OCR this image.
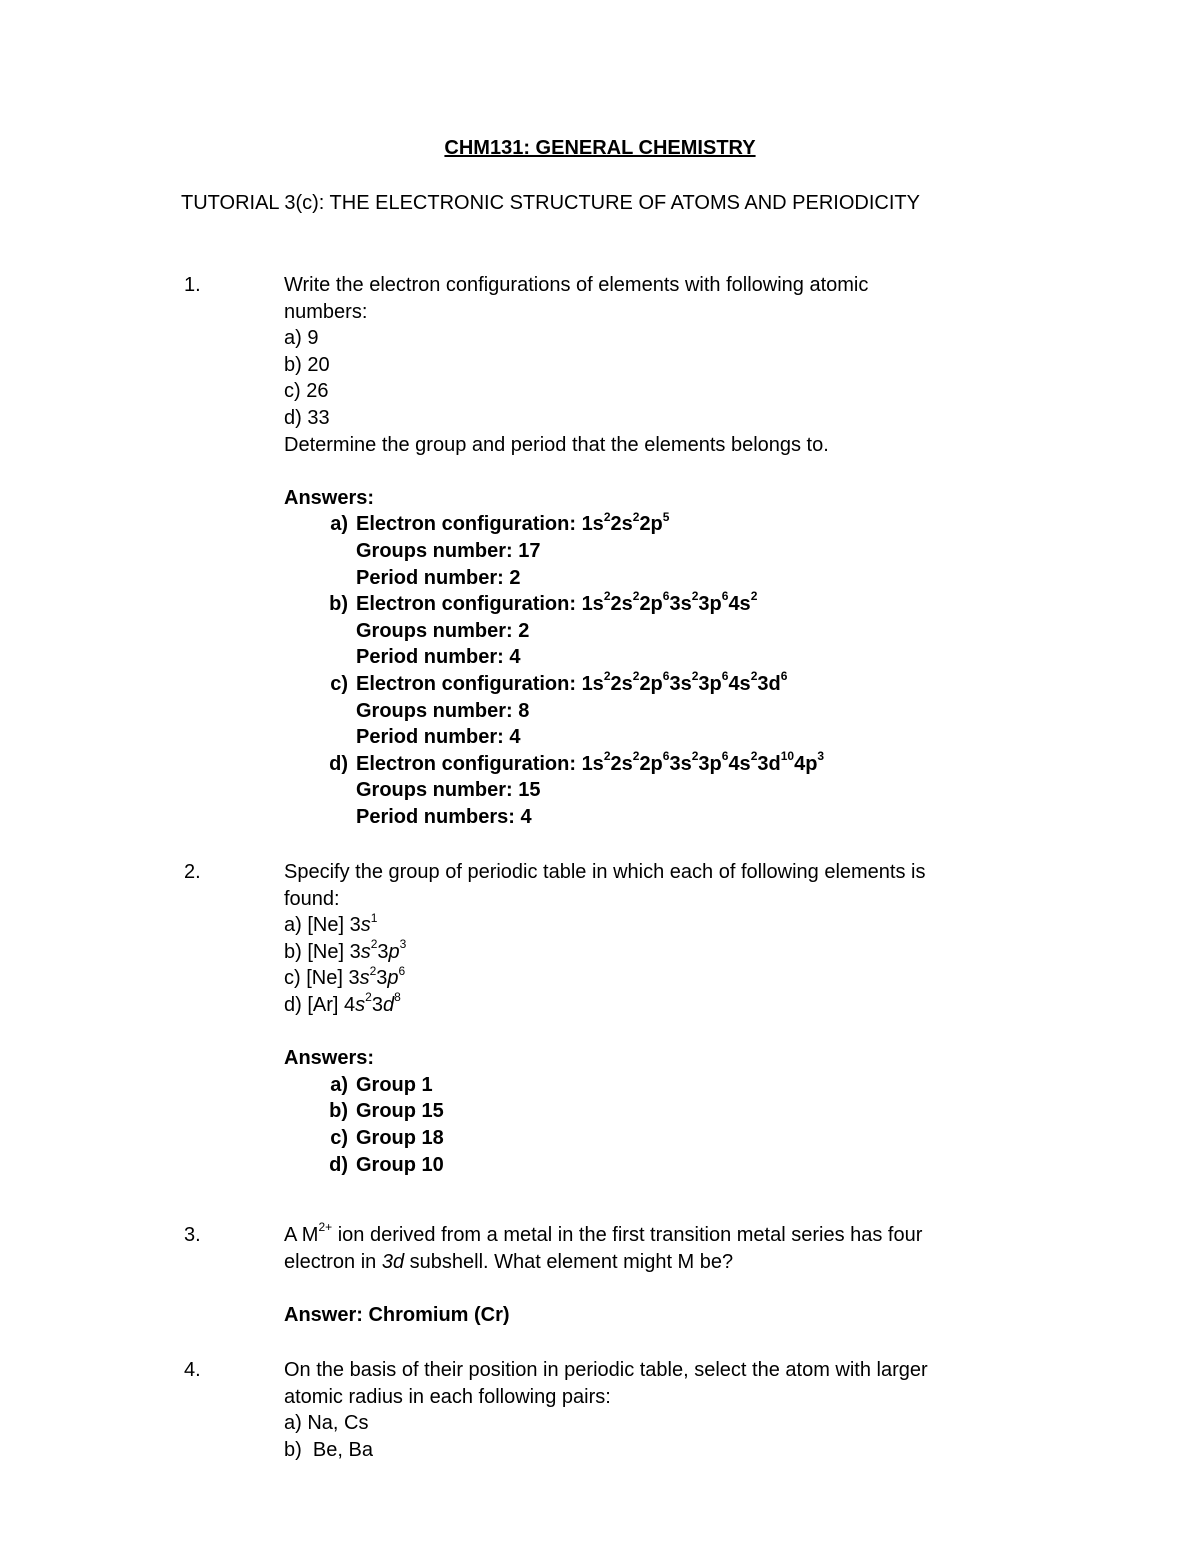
CHM131: GENERAL CHEMISTRY
TUTORIAL 3(c): THE ELECTRONIC STRUCTURE OF ATOMS AND PERIODICITY
1.	Write the electron configurations of elements with following atomic
numbers:
a) 9
b) 20
c) 26
d) 33
Determine the group and period that the elements belongs to.
Answers:
a) Electron configuration: $1s^22s^22p^5$
Groups number: 17
Period number: 2
b) Electron configuration: $1s^22s^22p^63s^23p^64s^2$
Groups number: 2
Period number: 4
c) Electron configuration: $1s^22s^22p^63s^23p^64s^23d^6$
Groups number: 8
Period number: 4
d) Electron configuration: $1s^22s^22p^63s^23p^64s^23d^{10}4p^3$
Groups number: 15
Period numbers: 4
2.	Specify the group of periodic table in which each of following elements is
found:
a) [Ne] $3s^1$
b) [Ne] $3s^23p^3$
c) [Ne] $3s^23p^6$
d) [Ar] $4s^23d^8$
Answers:
a) Group 1
b) Group 15
c) Group 18
d) Group 10
3.	A $M^{2+}$ ion derived from a metal in the first transition metal series has four
electron in 3d subshell. What element might M be?
Answer: Chromium (Cr)
4.	On the basis of their position in periodic table, select the atom with larger
atomic radius in each following pairs:
a) Na, Cs
b)  Be, Ba
